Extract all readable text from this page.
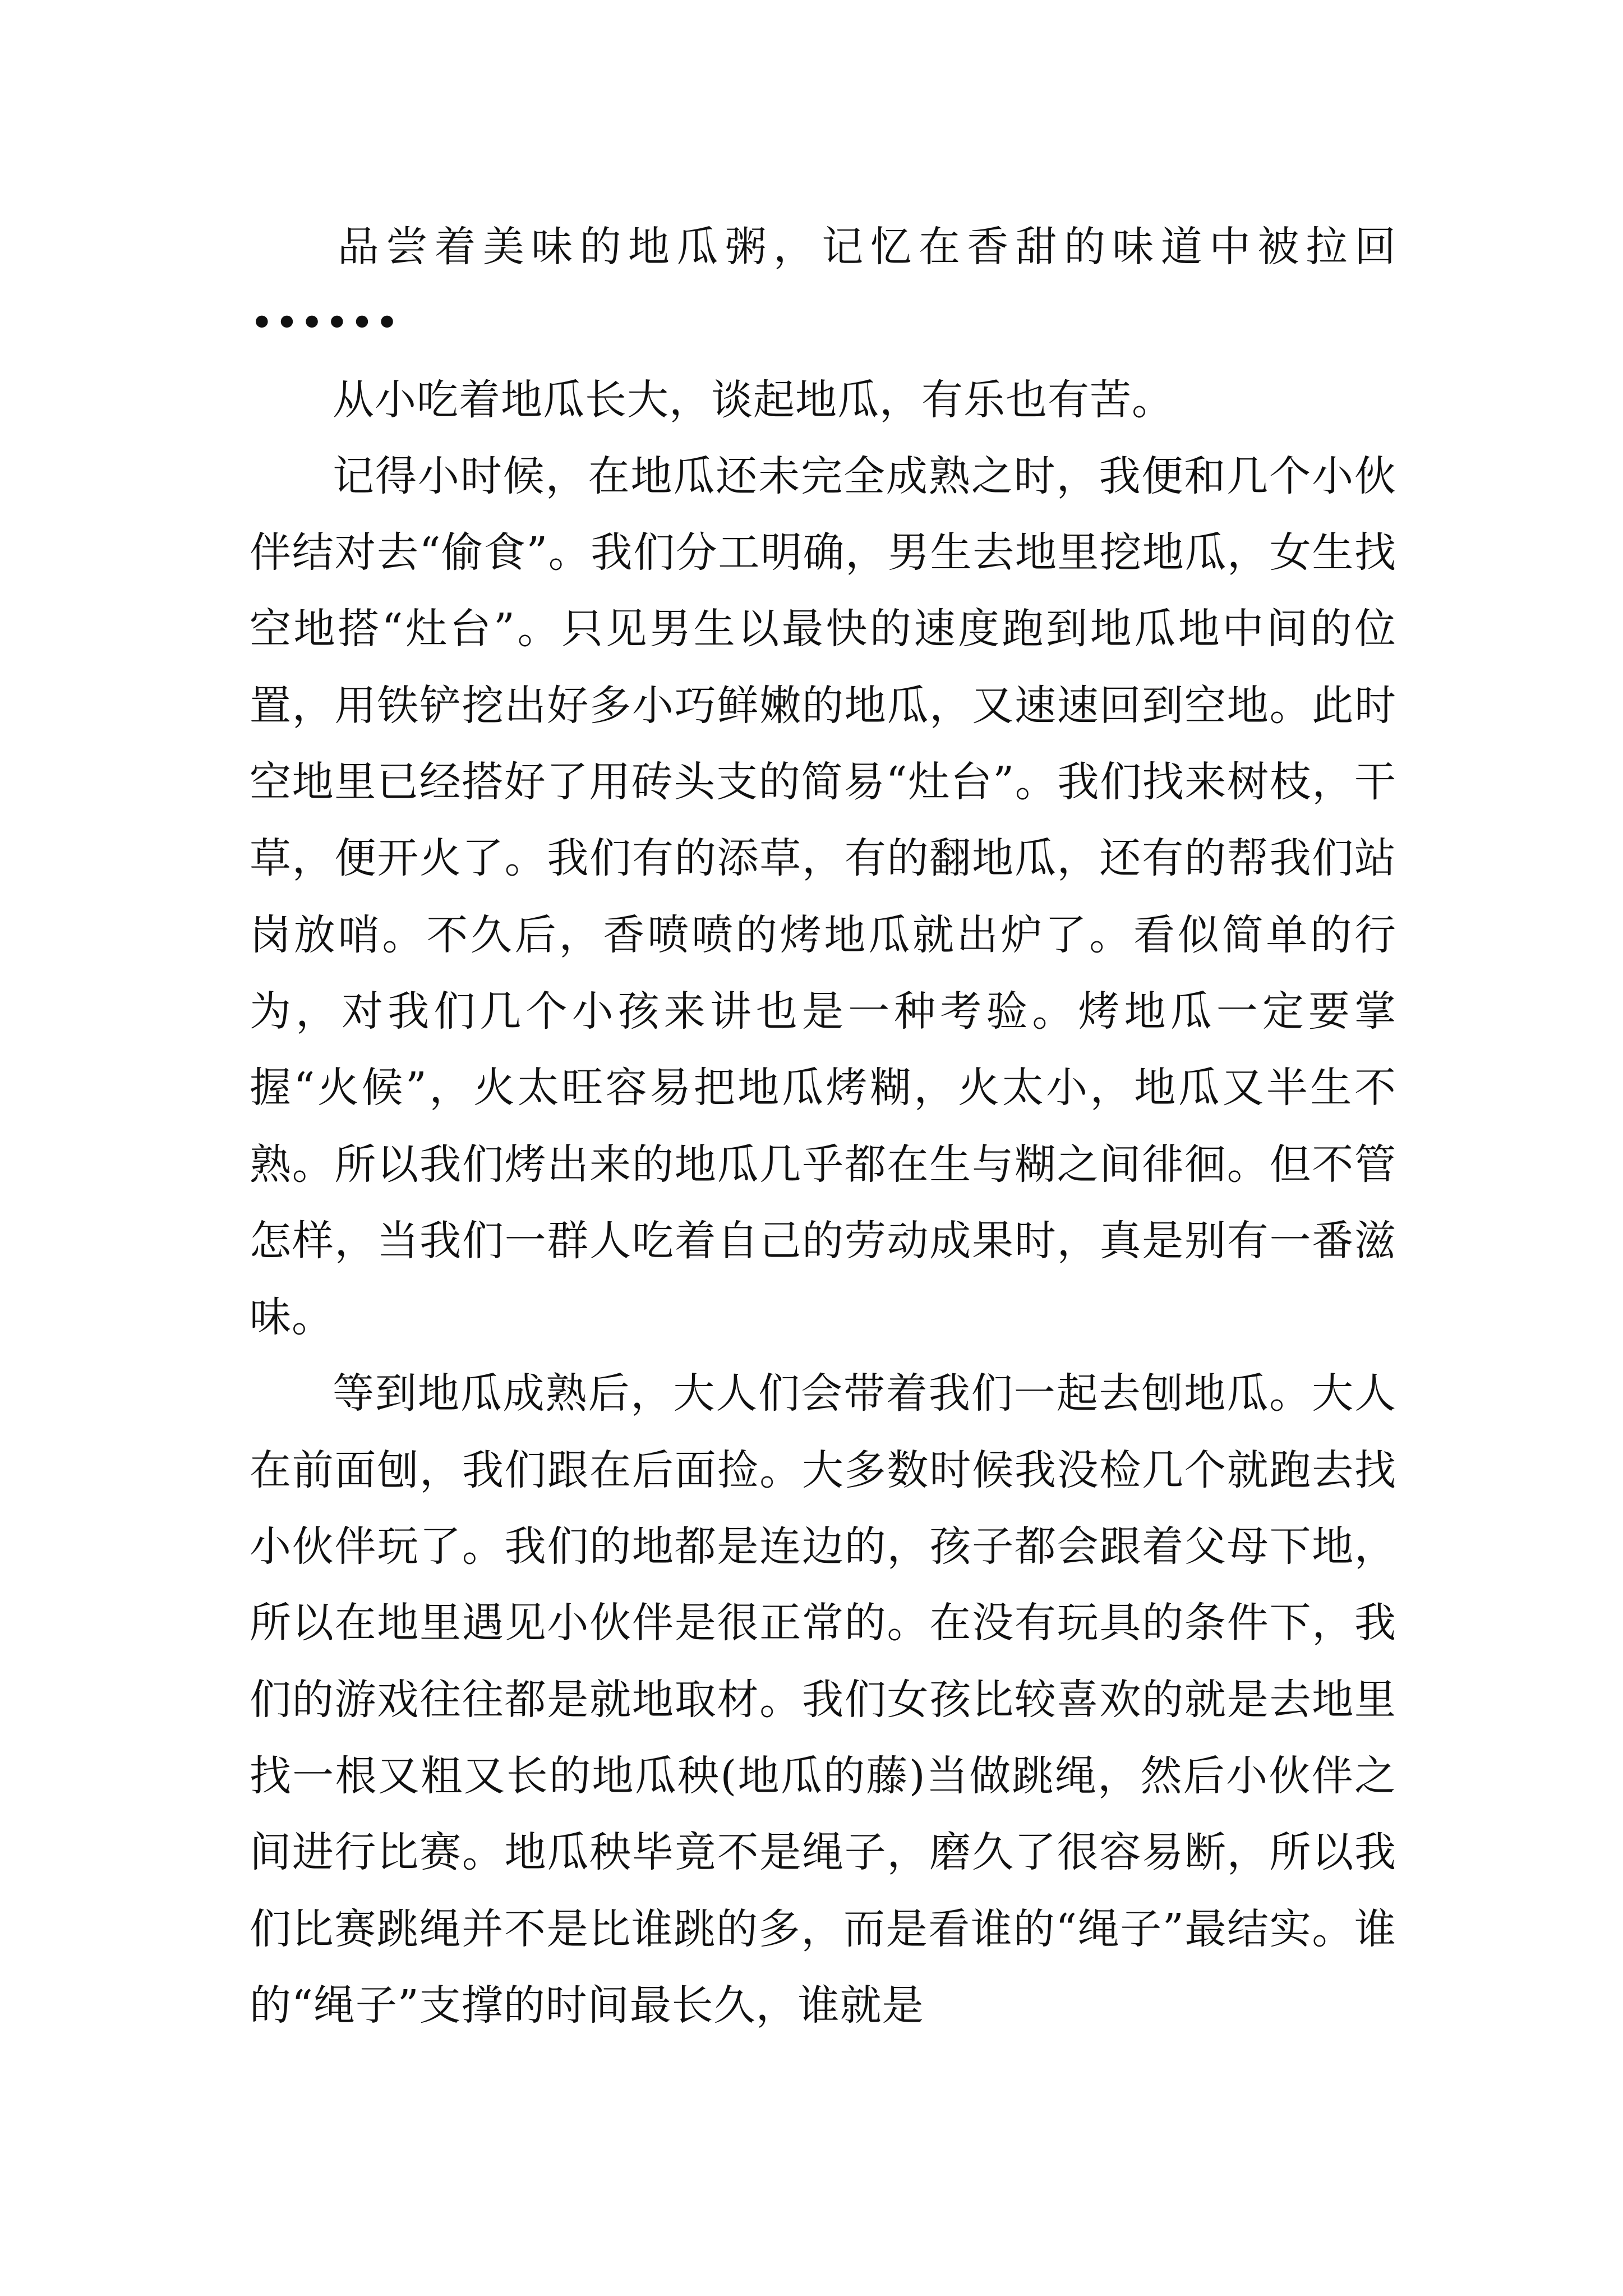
品尝着美味的地瓜粥，记忆在香甜的味道中被拉回••••••

从小吃着地瓜长大，谈起地瓜，有乐也有苦。

记得小时候，在地瓜还未完全成熟之时，我便和几个小伙伴结对去“偷食”。我们分工明确，男生去地里挖地瓜，女生找空地搭“灶台”。只见男生以最快的速度跑到地瓜地中间的位置，用铁铲挖出好多小巧鲜嫩的地瓜，又速速回到空地。此时空地里已经搭好了用砖头支的简易“灶台”。我们找来树枝，干草，便开火了。我们有的添草，有的翻地瓜，还有的帮我们站岗放哨。不久后，香喷喷的烤地瓜就出炉了。看似简单的行为，对我们几个小孩来讲也是一种考验。烤地瓜一定要掌握“火候”，火太旺容易把地瓜烤糊，火太小，地瓜又半生不熟。所以我们烤出来的地瓜几乎都在生与糊之间徘徊。但不管怎样，当我们一群人吃着自己的劳动成果时，真是别有一番滋味。

等到地瓜成熟后，大人们会带着我们一起去刨地瓜。大人在前面刨，我们跟在后面捡。大多数时候我没检几个就跑去找小伙伴玩了。我们的地都是连边的，孩子都会跟着父母下地，所以在地里遇见小伙伴是很正常的。在没有玩具的条件下，我们的游戏往往都是就地取材。我们女孩比较喜欢的就是去地里找一根又粗又长的地瓜秧(地瓜的藤)当做跳绳，然后小伙伴之间进行比赛。地瓜秧毕竟不是绳子，磨久了很容易断，所以我们比赛跳绳并不是比谁跳的多，而是看谁的“绳子”最结实。谁的“绳子”支撑的时间最长久，谁就是
